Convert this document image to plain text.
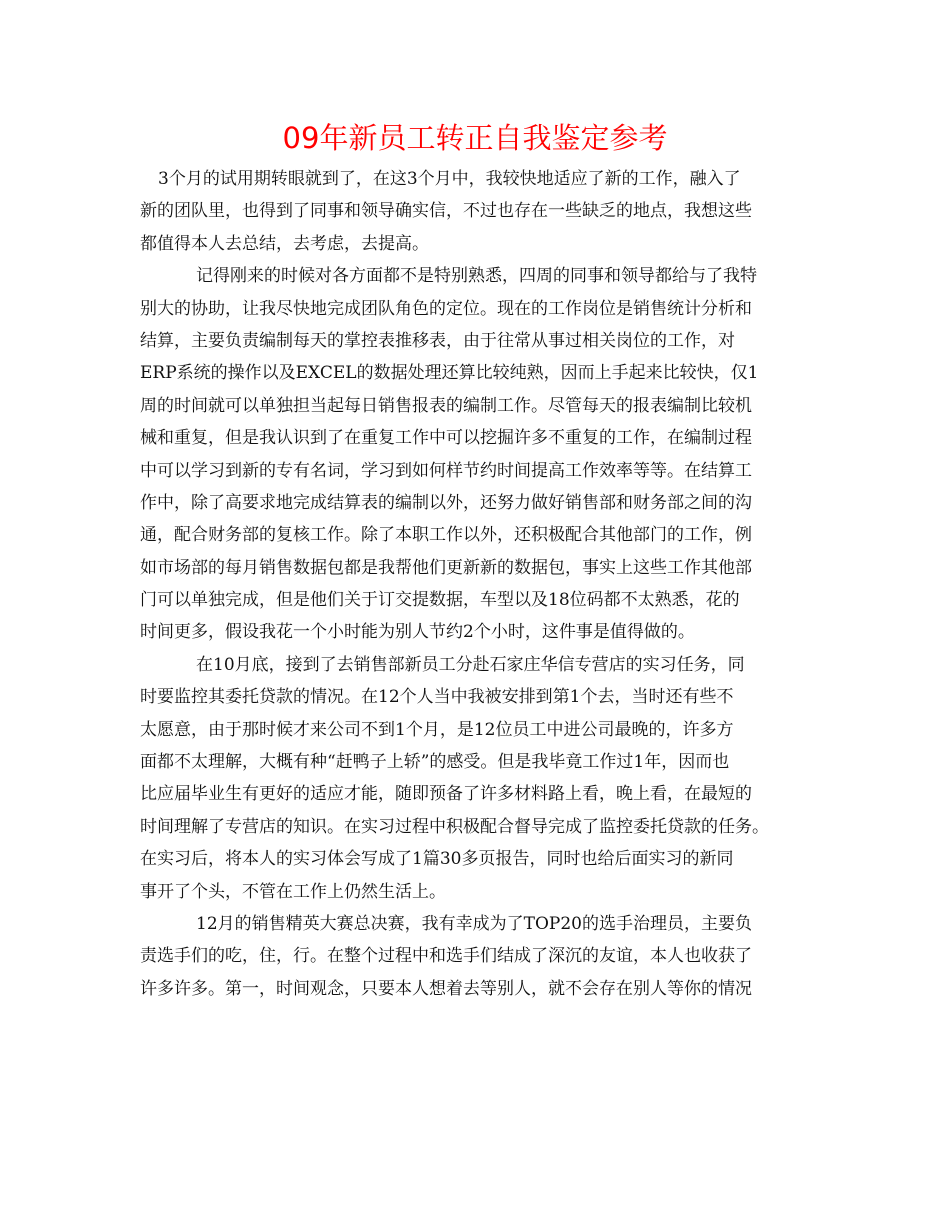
09年新员工转正自我鉴定参考
3个月的试用期转眼就到了，在这3个月中，我较快地适应了新的工作，融入了
新的团队里，也得到了同事和领导确实信，不过也存在一些缺乏的地点，我想这些
都值得本人去总结，去考虑，去提高。
记得刚来的时候对各方面都不是特别熟悉，四周的同事和领导都给与了我特
别大的协助，让我尽快地完成团队角色的定位。现在的工作岗位是销售统计分析和
结算，主要负责编制每天的掌控表推移表，由于往常从事过相关岗位的工作，对
ERP系统的操作以及EXCEL的数据处理还算比较纯熟，因而上手起来比较快，仅1
周的时间就可以单独担当起每日销售报表的编制工作。尽管每天的报表编制比较机
械和重复，但是我认识到了在重复工作中可以挖掘许多不重复的工作，在编制过程
中可以学习到新的专有名词，学习到如何样节约时间提高工作效率等等。在结算工
作中，除了高要求地完成结算表的编制以外，还努力做好销售部和财务部之间的沟
通，配合财务部的复核工作。除了本职工作以外，还积极配合其他部门的工作，例
如市场部的每月销售数据包都是我帮他们更新新的数据包，事实上这些工作其他部
门可以单独完成，但是他们关于订交提数据，车型以及18位码都不太熟悉，花的
时间更多，假设我花一个小时能为别人节约2个小时，这件事是值得做的。
在10月底，接到了去销售部新员工分赴石家庄华信专营店的实习任务，同
时要监控其委托贷款的情况。在12个人当中我被安排到第1个去，当时还有些不
太愿意，由于那时候才来公司不到1个月，是12位员工中进公司最晚的，许多方
面都不太理解，大概有种“赶鸭子上轿”的感受。但是我毕竟工作过1年，因而也
比应届毕业生有更好的适应才能，随即预备了许多材料路上看，晚上看，在最短的
时间理解了专营店的知识。在实习过程中积极配合督导完成了监控委托贷款的任务。
在实习后，将本人的实习体会写成了1篇30多页报告，同时也给后面实习的新同
事开了个头，不管在工作上仍然生活上。
12月的销售精英大赛总决赛，我有幸成为了TOP20的选手治理员，主要负
责选手们的吃，住，行。在整个过程中和选手们结成了深沉的友谊，本人也收获了
许多许多。第一，时间观念，只要本人想着去等别人，就不会存在别人等你的情况
